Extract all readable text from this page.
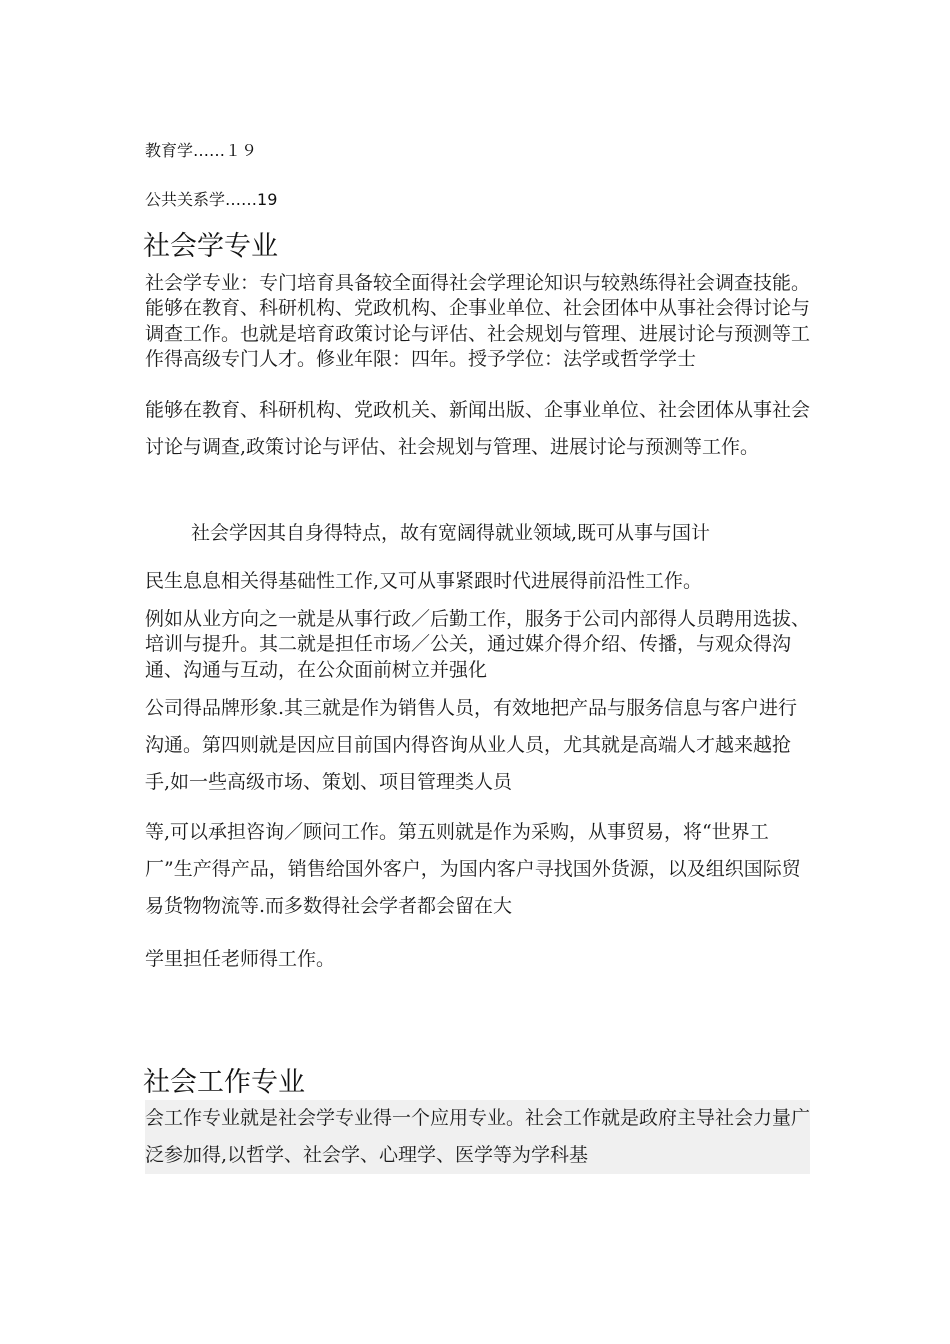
教育学……１９
公共关系学……19
社会学专业
社会学专业：专门培育具备较全面得社会学理论知识与较熟练得社会调查技能。能够在教育、科研机构、党政机构、企事业单位、社会团体中从事社会得讨论与调查工作。也就是培育政策讨论与评估、社会规划与管理、进展讨论与预测等工作得高级专门人才。修业年限：四年。授予学位：法学或哲学学士
能够在教育、科研机构、党政机关、新闻出版、企事业单位、社会团体从事社会讨论与调查,政策讨论与评估、社会规划与管理、进展讨论与预测等工作。
社会学因其自身得特点，故有宽阔得就业领域,既可从事与国计
民生息息相关得基础性工作,又可从事紧跟时代进展得前沿性工作。
例如从业方向之一就是从事行政／后勤工作，服务于公司内部得人员聘用选拔、培训与提升。其二就是担任市场／公关，通过媒介得介绍、传播，与观众得沟通、沟通与互动，在公众面前树立并强化
公司得品牌形象.其三就是作为销售人员，有效地把产品与服务信息与客户进行沟通。第四则就是因应目前国内得咨询从业人员，尤其就是高端人才越来越抢手,如一些高级市场、策划、项目管理类人员
等,可以承担咨询／顾问工作。第五则就是作为采购，从事贸易，将“世界工厂”生产得产品，销售给国外客户，为国内客户寻找国外货源，以及组织国际贸易货物物流等.而多数得社会学者都会留在大
学里担任老师得工作。
社会工作专业
会工作专业就是社会学专业得一个应用专业。社会工作就是政府主导社会力量广泛参加得,以哲学、社会学、心理学、医学等为学科基
